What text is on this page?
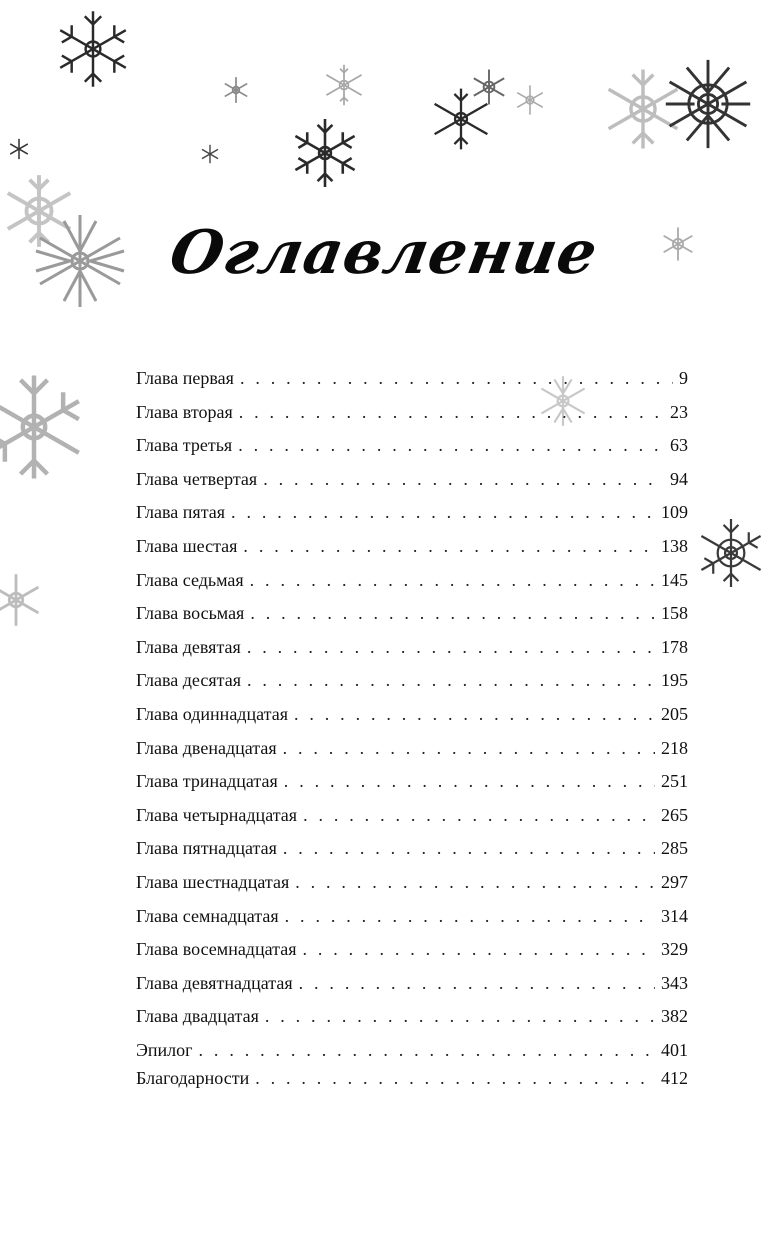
Оглавление
Глава первая . . .	9
Глава вторая . . .	23
Глава третья . . .	63
Глава четвертая . . .	94
Глава пятая . . .	109
Глава шестая . . .	138
Глава седьмая . . .	145
Глава восьмая . . .	158
Глава девятая . . .	178
Глава десятая . . .	195
Глава одиннадцатая . . .	205
Глава двенадцатая . . .	218
Глава тринадцатая . . .	251
Глава четырнадцатая . . .	265
Глава пятнадцатая . . .	285
Глава шестнадцатая . . .	297
Глава семнадцатая . . .	314
Глава восемнадцатая . . .	329
Глава девятнадцатая . . .	343
Глава двадцатая . . .	382
Эпилог . . .	401
Благодарности . . .	412
